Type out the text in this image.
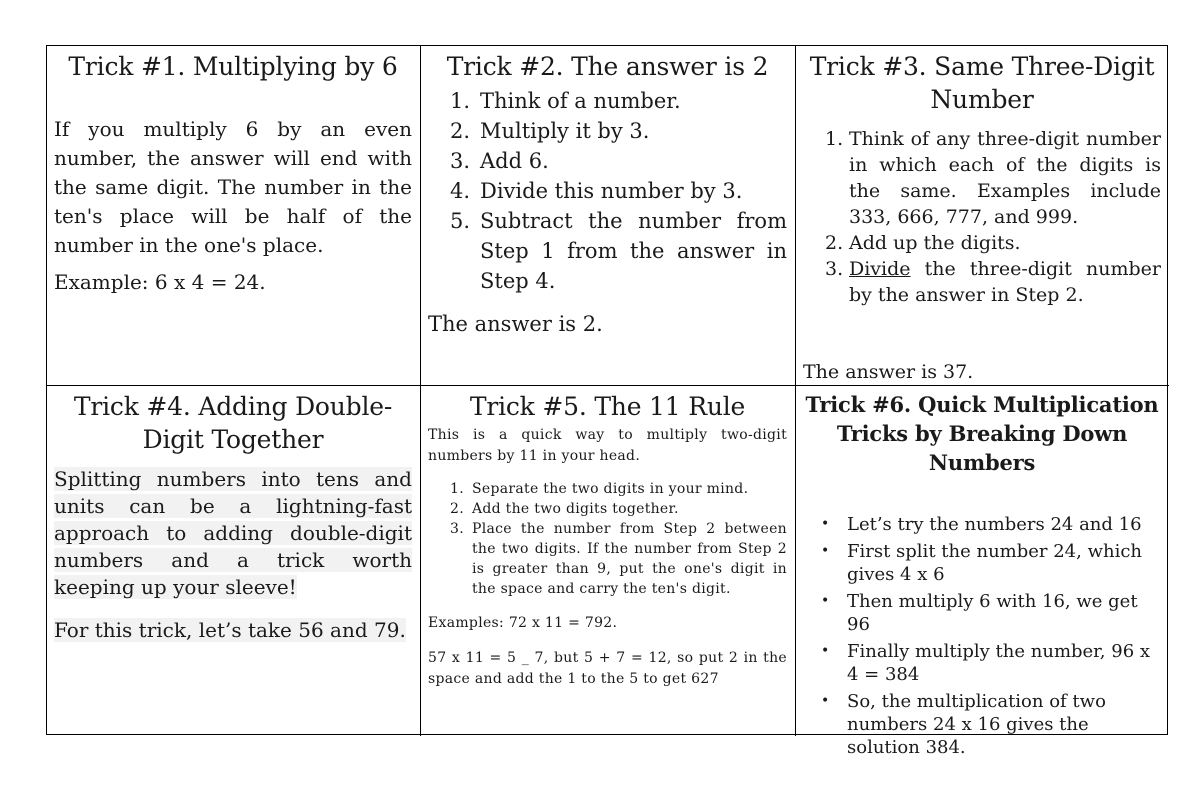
Trick #1. Multiplying by 6

If you multiply 6 by an even number, the answer will end with the same digit. The number in the ten's place will be half of the number in the one's place.

Example: 6 x 4 = 24.

Trick #2. The answer is 2
1. Think of a number.
2. Multiply it by 3.
3. Add 6.
4. Divide this number by 3.
5. Subtract the number from Step 1 from the answer in Step 4.

The answer is 2.

Trick #3. Same Three-Digit Number
1. Think of any three-digit number in which each of the digits is the same. Examples include 333, 666, 777, and 999.
2. Add up the digits.
3. Divide the three-digit number by the answer in Step 2.

The answer is 37.

Trick #4. Adding Double-Digit Together

Splitting numbers into tens and units can be a lightning-fast approach to adding double-digit numbers and a trick worth keeping up your sleeve!

For this trick, let’s take 56 and 79.

Trick #5. The 11 Rule

This is a quick way to multiply two-digit numbers by 11 in your head.

1. Separate the two digits in your mind.
2. Add the two digits together.
3. Place the number from Step 2 between the two digits. If the number from Step 2 is greater than 9, put the one's digit in the space and carry the ten's digit.

Examples: 72 x 11 = 792.

57 x 11 = 5 _ 7, but 5 + 7 = 12, so put 2 in the space and add the 1 to the 5 to get 627

Trick #6. Quick Multiplication Tricks by Breaking Down Numbers
• Let’s try the numbers 24 and 16
• First split the number 24, which gives 4 x 6
• Then multiply 6 with 16, we get 96
• Finally multiply the number, 96 x 4 = 384
• So, the multiplication of two numbers 24 x 16 gives the solution 384.
